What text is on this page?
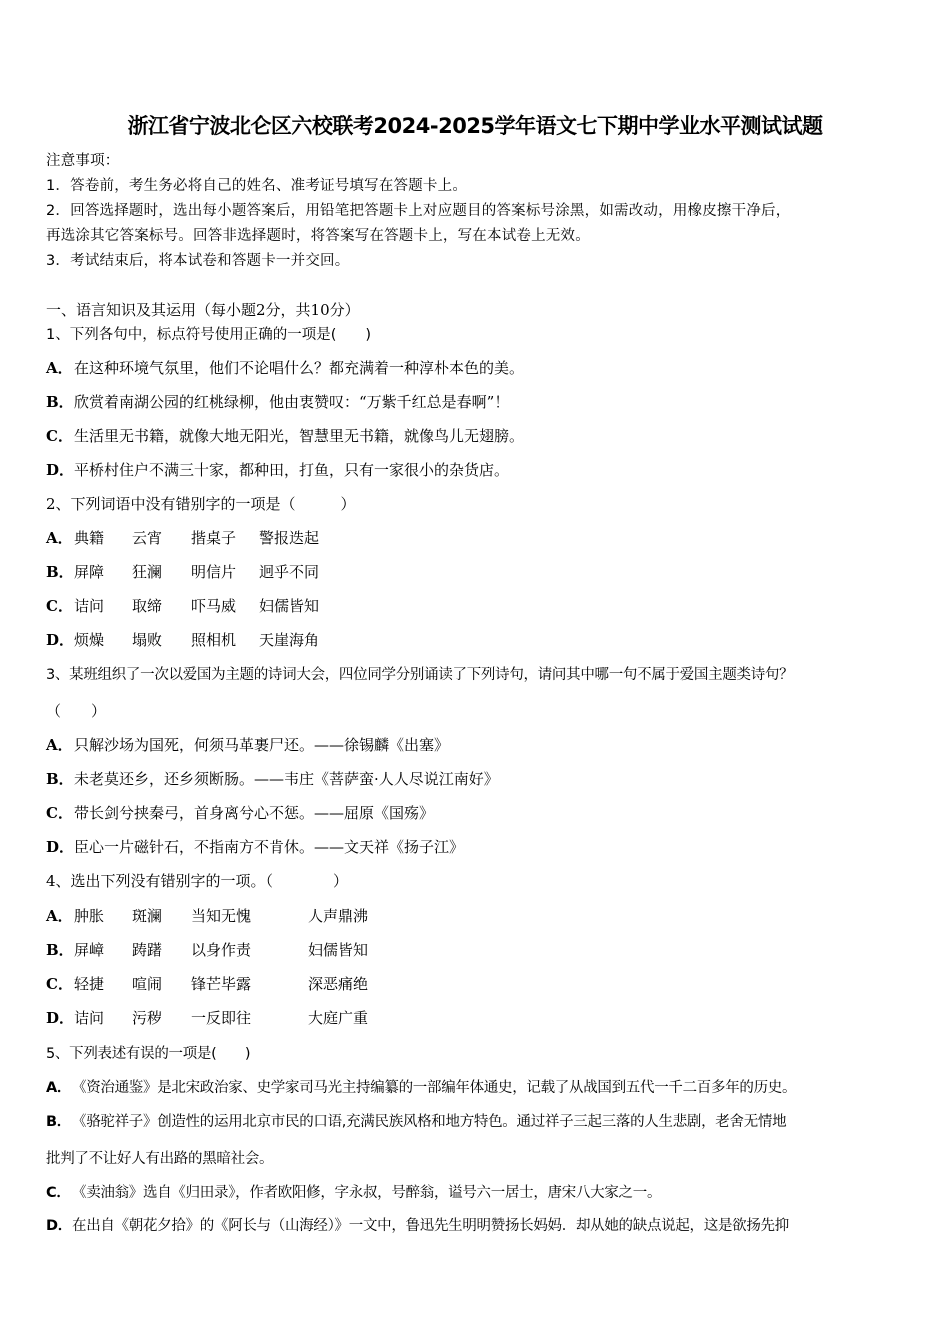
浙江省宁波北仑区六校联考2024-2025学年语文七下期中学业水平测试试题
注意事项：
1．答卷前，考生务必将自己的姓名、准考证号填写在答题卡上。
2．回答选择题时，选出每小题答案后，用铅笔把答题卡上对应题目的答案标号涂黑，如需改动，用橡皮擦干净后，
再选涂其它答案标号。回答非选择题时，将答案写在答题卡上，写在本试卷上无效。
3．考试结束后，将本试卷和答题卡一并交回。
一、语言知识及其运用（每小题2分，共10分）
1、下列各句中，标点符号使用正确的一项是(　　)
A．在这种环境气氛里，他们不论唱什么？都充满着一种淳朴本色的美。
B．欣赏着南湖公园的红桃绿柳，他由衷赞叹：“万紫千红总是春啊”！
C．生活里无书籍，就像大地无阳光，智慧里无书籍，就像鸟儿无翅膀。
D．平桥村住户不满三十家，都种田，打鱼，只有一家很小的杂货店。
2、下列词语中没有错别字的一项是（　　　）
A．典籍 云宵 揩桌子 警报迭起
B．屏障 狂澜 明信片 迥乎不同
C．诘问 取缔 吓马威 妇儒皆知
D．烦燥 塌败 照相机 天崖海角
3、某班组织了一次以爱国为主题的诗词大会，四位同学分别诵读了下列诗句，请问其中哪一句不属于爱国主题类诗句？
（　　）
A．只解沙场为国死，何须马革裹尸还。——徐锡麟《出塞》
B．未老莫还乡，还乡须断肠。——韦庄《菩萨蛮·人人尽说江南好》
C．带长剑兮挟秦弓，首身离兮心不惩。——屈原《国殇》
D．臣心一片磁针石，不指南方不肯休。——文天祥《扬子江》
4、选出下列没有错别字的一项。（　　　　）
A．肿胀 斑澜 当知无愧	人声鼎沸
B．屏嶂 踌躇 以身作责	妇儒皆知
C．轻捷 喧闹 锋芒毕露	深恶痛绝
D．诘问 污秽 一反即往	大庭广重
5、下列表述有误的一项是(　　)
A．《资治通鉴》是北宋政治家、史学家司马光主持编纂的一部编年体通史，记载了从战国到五代一千二百多年的历史。
B．《骆驼祥子》创造性的运用北京市民的口语,充满民族风格和地方特色。通过祥子三起三落的人生悲剧，老舍无情地
批判了不让好人有出路的黑暗社会。
C．《卖油翁》选自《归田录》，作者欧阳修，字永叔，号醉翁，谥号六一居士，唐宋八大家之一。
D．在出自《朝花夕拾》的《阿长与（山海经）》一文中，鲁迅先生明明赞扬长妈妈．却从她的缺点说起，这是欲扬先抑
